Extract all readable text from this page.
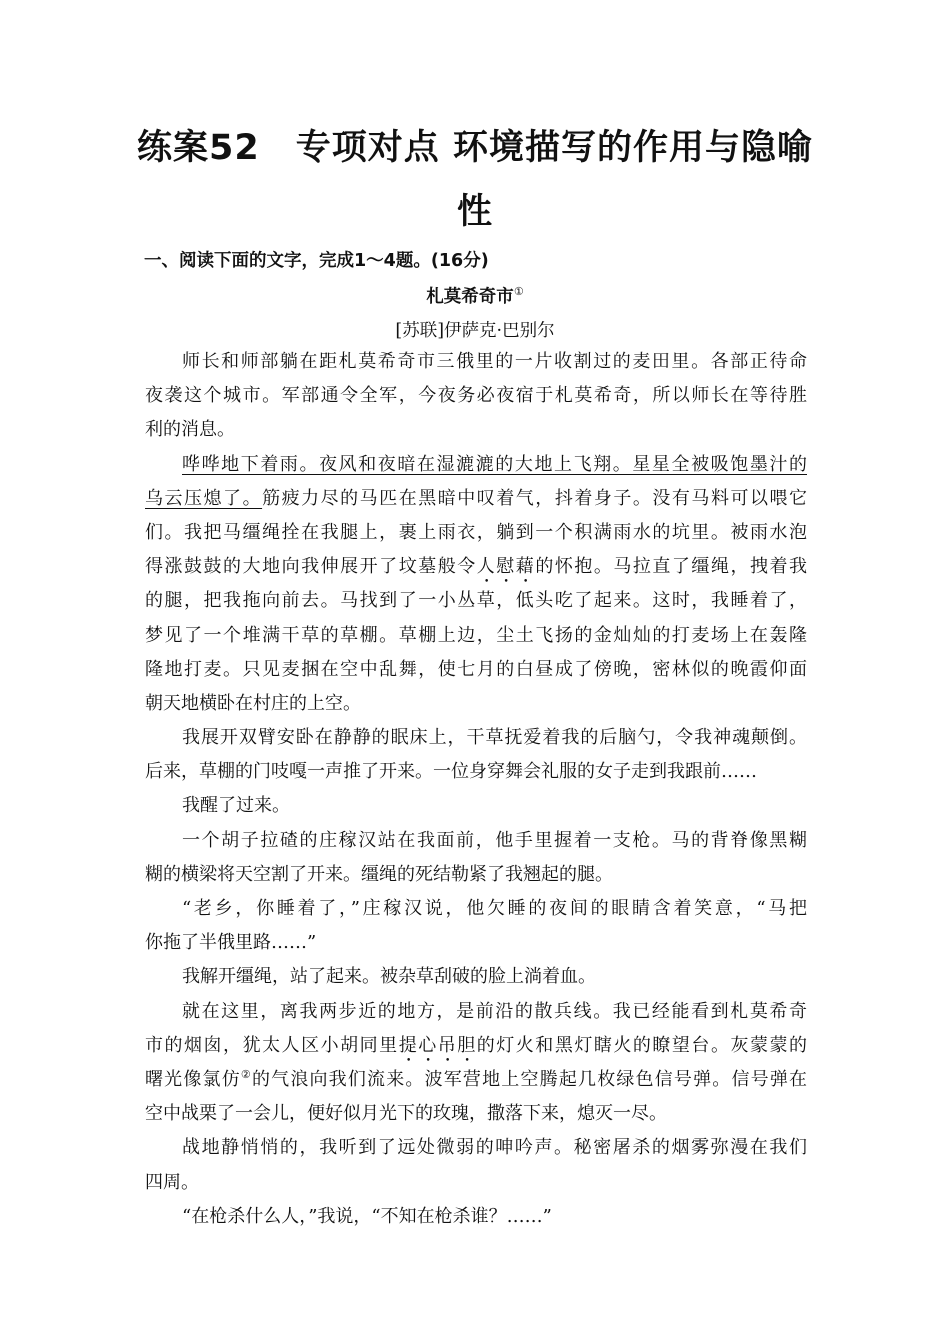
练案52　专项对点 环境描写的作用与隐喻
性
一、阅读下面的文字，完成1～4题。(16分)
札莫希奇市①
[苏联]伊萨克·巴别尔
师长和师部躺在距札莫希奇市三俄里的一片收割过的麦田里。各部正待命
夜袭这个城市。军部通令全军，今夜务必夜宿于札莫希奇，所以师长在等待胜
利的消息。
哗哗地下着雨。夜风和夜暗在湿漉漉的大地上飞翔。星星全被吸饱墨汁的
乌云压熄了。筋疲力尽的马匹在黑暗中叹着气，抖着身子。没有马料可以喂它
们。我把马缰绳拴在我腿上，裹上雨衣，躺到一个积满雨水的坑里。被雨水泡
得涨鼓鼓的大地向我伸展开了坟墓般令人慰藉的怀抱。马拉直了缰绳，拽着我
的腿，把我拖向前去。马找到了一小丛草，低头吃了起来。这时，我睡着了，
梦见了一个堆满干草的草棚。草棚上边，尘土飞扬的金灿灿的打麦场上在轰隆
隆地打麦。只见麦捆在空中乱舞，使七月的白昼成了傍晚，密林似的晚霞仰面
朝天地横卧在村庄的上空。
我展开双臂安卧在静静的眠床上，干草抚爱着我的后脑勺，令我神魂颠倒。
后来，草棚的门吱嘎一声推了开来。一位身穿舞会礼服的女子走到我跟前……
我醒了过来。
一个胡子拉碴的庄稼汉站在我面前，他手里握着一支枪。马的背脊像黑糊
糊的横梁将天空割了开来。缰绳的死结勒紧了我翘起的腿。
“老乡，你睡着了，”庄稼汉说，他欠睡的夜间的眼睛含着笑意，“马把
你拖了半俄里路……”
我解开缰绳，站了起来。被杂草刮破的脸上淌着血。
就在这里，离我两步近的地方，是前沿的散兵线。我已经能看到札莫希奇
市的烟囱，犹太人区小胡同里提心吊胆的灯火和黑灯瞎火的瞭望台。灰蒙蒙的
曙光像氯仿②的气浪向我们流来。波军营地上空腾起几枚绿色信号弹。信号弹在
空中战栗了一会儿，便好似月光下的玫瑰，撒落下来，熄灭一尽。
战地静悄悄的，我听到了远处微弱的呻吟声。秘密屠杀的烟雾弥漫在我们
四周。
“在枪杀什么人，”我说，“不知在枪杀谁？……”
